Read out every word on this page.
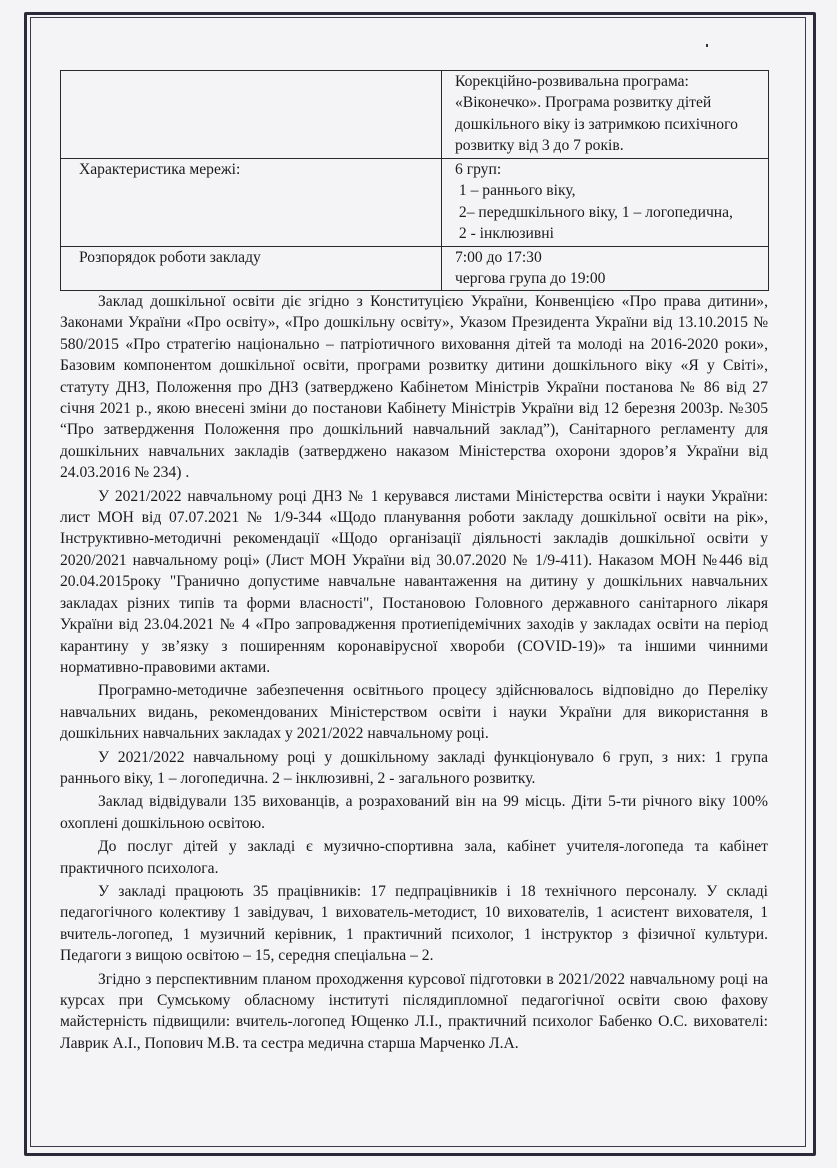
	Корекційно-розвивальна програма:
«Віконечко». Програма розвитку дітей
дошкільного віку із затримкою психічного
розвитку від 3 до 7 років.

Характеристика мережі:	6 груп:
1 – раннього віку,
2– передшкільного віку, 1 – логопедична,
2 - інклюзивні

Розпорядок роботи закладу	7:00 до 17:30
чергова група до 19:00

Заклад дошкільної освіти діє згідно з Конституцією України, Конвенцією «Про права дитини», Законами України «Про освіту», «Про дошкільну освіту», Указом Президента України від 13.10.2015 № 580/2015 «Про стратегію національно – патріотичного виховання дітей та молоді на 2016-2020 роки», Базовим компонентом дошкільної освіти, програми розвитку дитини дошкільного віку «Я у Світі», статуту ДНЗ, Положення про ДНЗ (затверджено Кабінетом Міністрів України постанова № 86 від 27 січня 2021 р., якою внесені зміни до постанови Кабінету Міністрів України від 12 березня 2003р. №305 “Про затвердження Положення про дошкільний навчальний заклад”), Санітарного регламенту для дошкільних навчальних закладів (затверджено наказом Міністерства охорони здоров’я України від 24.03.2016 № 234) .

У 2021/2022 навчальному році ДНЗ № 1 керувався листами Міністерства освіти і науки України: лист МОН від 07.07.2021 № 1/9-344 «Щодо планування роботи закладу дошкільної освіти на рік», Інструктивно-методичні рекомендації «Щодо організації діяльності закладів дошкільної освіти у 2020/2021 навчальному році» (Лист МОН України від 30.07.2020 № 1/9-411). Наказом МОН №446 від 20.04.2015року "Гранично допустиме навчальне навантаження на дитину у дошкільних навчальних закладах різних типів та форми власності", Постановою Головного державного санітарного лікаря України від 23.04.2021 № 4 «Про запровадження протиепідемічних заходів у закладах освіти на період карантину у зв’язку з поширенням коронавірусної хвороби (COVID-19)» та іншими чинними нормативно-правовими актами.

Програмно-методичне забезпечення освітнього процесу здійснювалось відповідно до Переліку навчальних видань, рекомендованих Міністерством освіти і науки України для використання в дошкільних навчальних закладах у 2021/2022 навчальному році.

У 2021/2022 навчальному році у дошкільному закладі функціонувало 6 груп, з них: 1 група раннього віку, 1 – логопедична. 2 – інклюзивні, 2 - загального розвитку.

Заклад відвідували 135 вихованців, а розрахований він на 99 місць. Діти 5-ти річного віку 100% охоплені дошкільною освітою.

До послуг дітей у закладі є музично-спортивна зала, кабінет учителя-логопеда та кабінет практичного психолога.

У закладі працюють 35 працівників: 17 педпрацівників і 18 технічного персоналу. У складі педагогічного колективу 1 завідувач, 1 вихователь-методист, 10 вихователів, 1 асистент вихователя, 1 вчитель-логопед, 1 музичний керівник, 1 практичний психолог, 1 інструктор з фізичної культури. Педагоги з вищою освітою – 15, середня спеціальна – 2.

Згідно з перспективним планом проходження курсової підготовки в 2021/2022 навчальному році на курсах при Сумському обласному інституті післядипломної педагогічної освіти свою фахову майстерність підвищили: вчитель-логопед Ющенко Л.І., практичний психолог Бабенко О.С. вихователі: Лаврик А.І., Попович М.В. та сестра медична старша Марченко Л.А.
